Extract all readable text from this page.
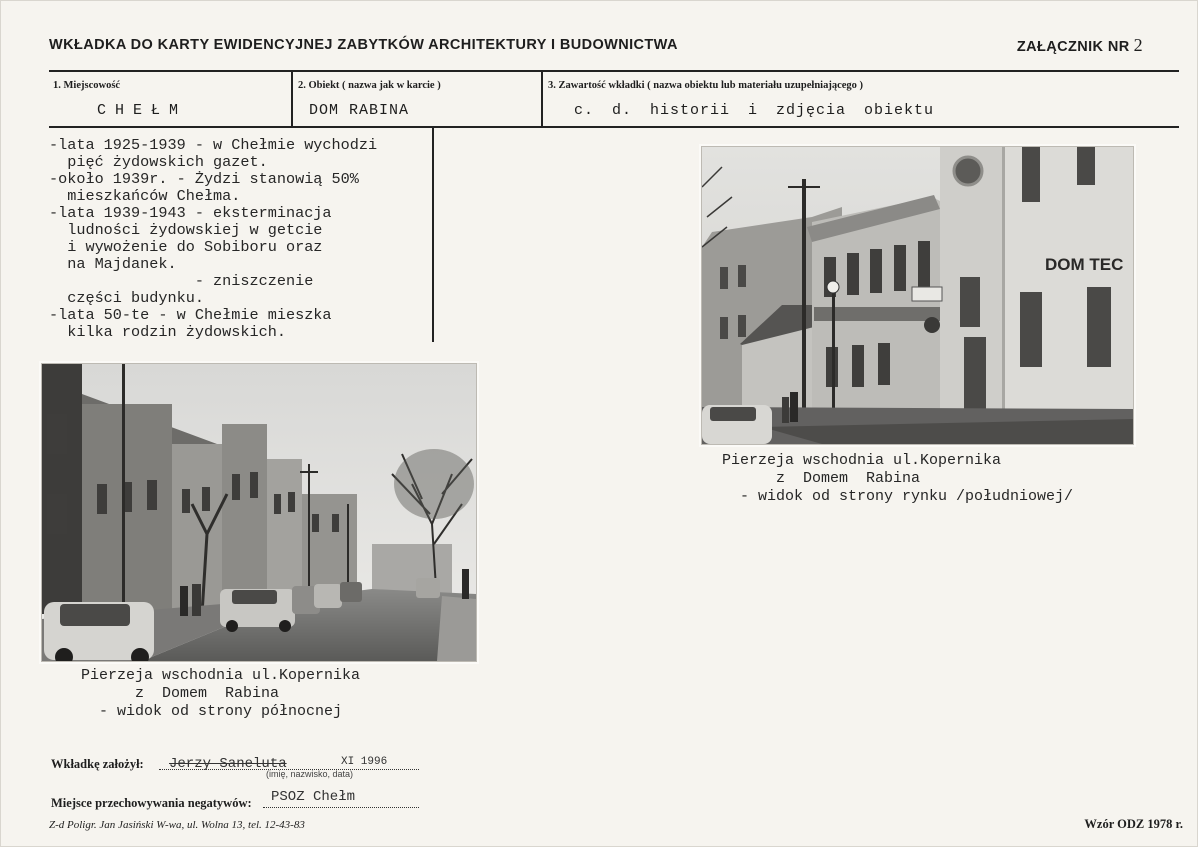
WKŁADKA DO KARTY EWIDENCYJNEJ ZABYTKÓW ARCHITEKTURY I BUDOWNICTWA	ZAŁĄCZNIK NR 2
1. Miejscowość
CHEŁM
2. Obiekt ( nazwa jak w karcie )
DOM RABINA
3. Zawartość wkładki ( nazwa obiektu lub materiału uzupełniającego )
c. d. historii i zdjęcia obiektu
-lata 1925-1939 - w Chełmie wychodzi
pięć żydowskich gazet.
-około 1939r. - Żydzi stanowią 50%
mieszkańców Chełma.
-lata 1939-1943 - eksterminacja
ludności żydowskiej w getcie
i wywożenie do Sobiboru oraz
na Majdanek.
- zniszczenie
części budynku.
-lata 50-te - w Chełmie mieszka
kilka rodzin żydowskich.
Pierzeja wschodnia ul.Kopernika
z  Domem  Rabina
- widok od strony północnej
DOM TEC
Pierzeja wschodnia ul.Kopernika
z  Domem  Rabina
- widok od strony rynku /południowej/
Wkładkę założył: Jerzy Saneluta	XI 1996
(imię, nazwisko, data)
Miejsce przechowywania negatywów: PSOZ Chełm
Z-d Poligr. Jan Jasiński W-wa, ul. Wolna 13, tel. 12-43-83	Wzór ODZ 1978 r.
